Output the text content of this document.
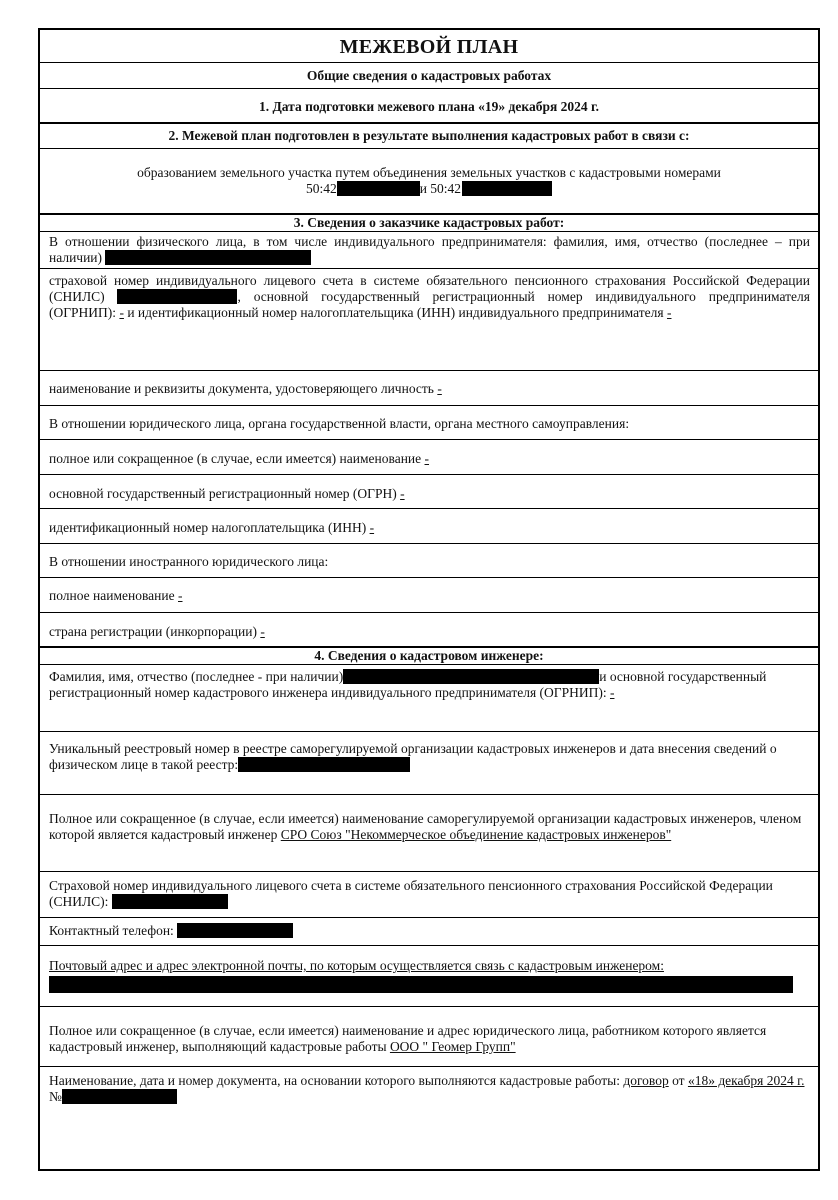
МЕЖЕВОЙ ПЛАН
Общие сведения о кадастровых работах
1. Дата подготовки межевого плана «19» декабря 2024 г.
2. Межевой план подготовлен в результате выполнения кадастровых работ в связи с:
образованием земельного участка путем объединения земельных участков с кадастровыми номерами
50:42	и 50:42
3. Сведения о заказчике кадастровых работ:
В отношении физического лица, в том числе индивидуального предпринимателя: фамилия, имя, отчество (последнее – при наличии)
страховой номер индивидуального лицевого счета в системе обязательного пенсионного страхования Российской Федерации (СНИЛС)	, основной государственный регистрационный номер индивидуального предпринимателя (ОГРНИП): - и идентификационный номер налогоплательщика (ИНН) индивидуального предпринимателя -
наименование и реквизиты документа, удостоверяющего личность -
В отношении юридического лица, органа государственной власти, органа местного самоуправления:
полное или сокращенное (в случае, если имеется) наименование -
основной государственный регистрационный номер (ОГРН) -
идентификационный номер налогоплательщика (ИНН) -
В отношении иностранного юридического лица:
полное наименование -
страна регистрации (инкорпорации) -
4. Сведения о кадастровом инженере:
Фамилия, имя, отчество (последнее - при наличии)	и основной государственный регистрационный номер кадастрового инженера индивидуального предпринимателя (ОГРНИП): -
Уникальный реестровый номер в реестре саморегулируемой организации кадастровых инженеров и дата внесения сведений о физическом лице в такой реестр:
Полное или сокращенное (в случае, если имеется) наименование саморегулируемой организации кадастровых инженеров, членом которой является кадастровый инженер СРО Союз "Некоммерческое объединение кадастровых инженеров"
Страховой номер индивидуального лицевого счета в системе обязательного пенсионного страхования Российской Федерации (СНИЛС):
Контактный телефон:
Почтовый адрес и адрес электронной почты, по которым осуществляется связь с кадастровым инженером:

Полное или сокращенное (в случае, если имеется) наименование и адрес юридического лица, работником которого является кадастровый инженер, выполняющий кадастровые работы ООО " Геомер Групп"
Наименование, дата и номер документа, на основании которого выполняются кадастровые работы: договор от «18» декабря 2024 г. №
